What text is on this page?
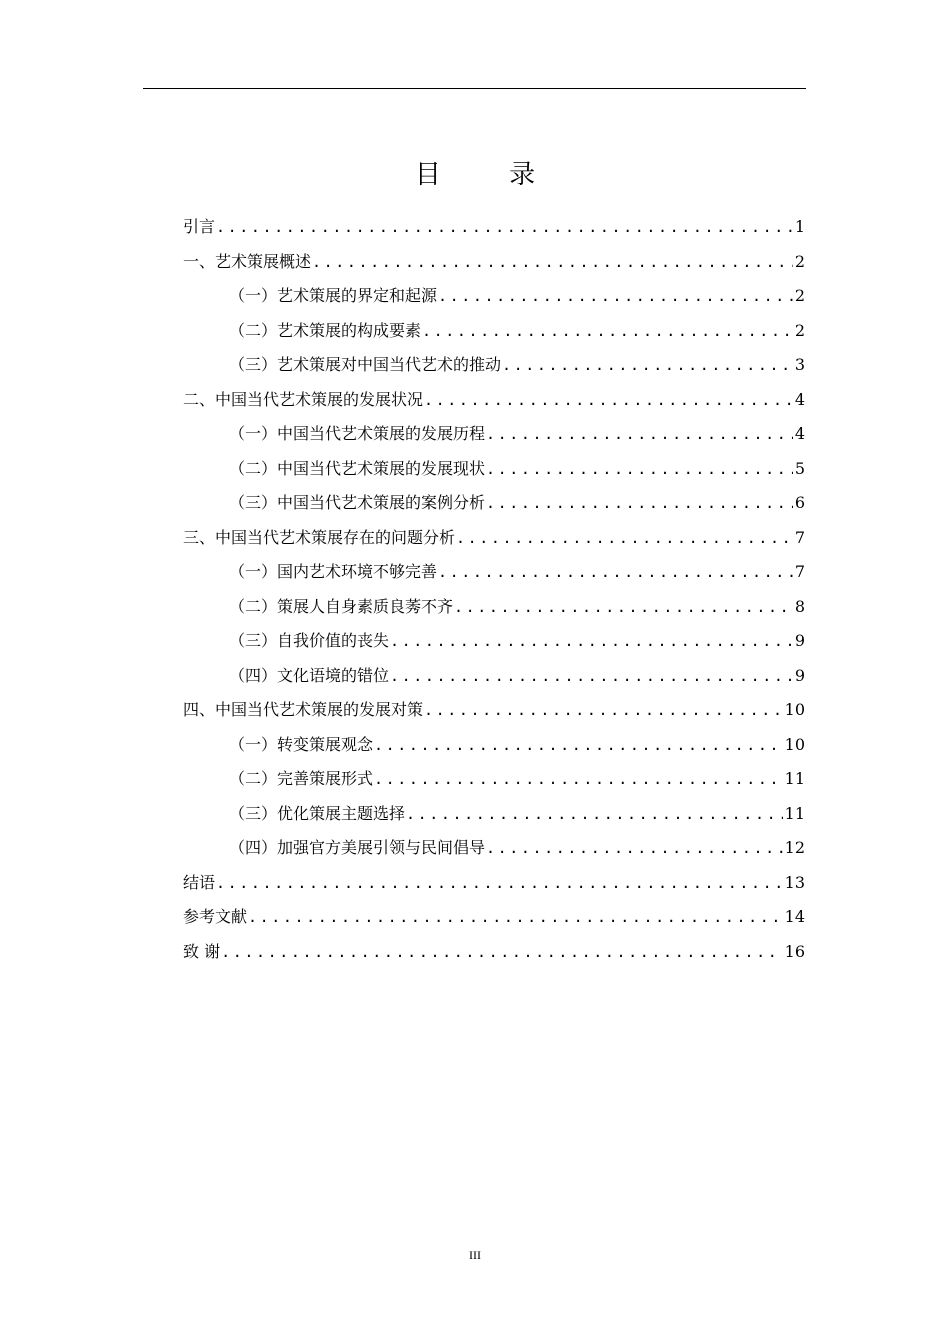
目 录
引言 .....	1
一、艺术策展概述 .....	2
（一）艺术策展的界定和起源 .....	2
（二）艺术策展的构成要素 .....	2
（三）艺术策展对中国当代艺术的推动 .....	3
二、中国当代艺术策展的发展状况 .....	4
（一）中国当代艺术策展的发展历程 .....	4
（二）中国当代艺术策展的发展现状 .....	5
（三）中国当代艺术策展的案例分析 .....	6
三、中国当代艺术策展存在的问题分析 .....	7
（一）国内艺术环境不够完善 .....	7
（二）策展人自身素质良莠不齐 .....	8
（三）自我价值的丧失 .....	9
（四）文化语境的错位 .....	9
四、中国当代艺术策展的发展对策 .....	10
（一）转变策展观念 .....	10
（二）完善策展形式 .....	11
（三）优化策展主题选择 .....	11
（四）加强官方美展引领与民间倡导 .....	12
结语 .....	13
参考文献 .....	14
致 谢 .....	16
III
